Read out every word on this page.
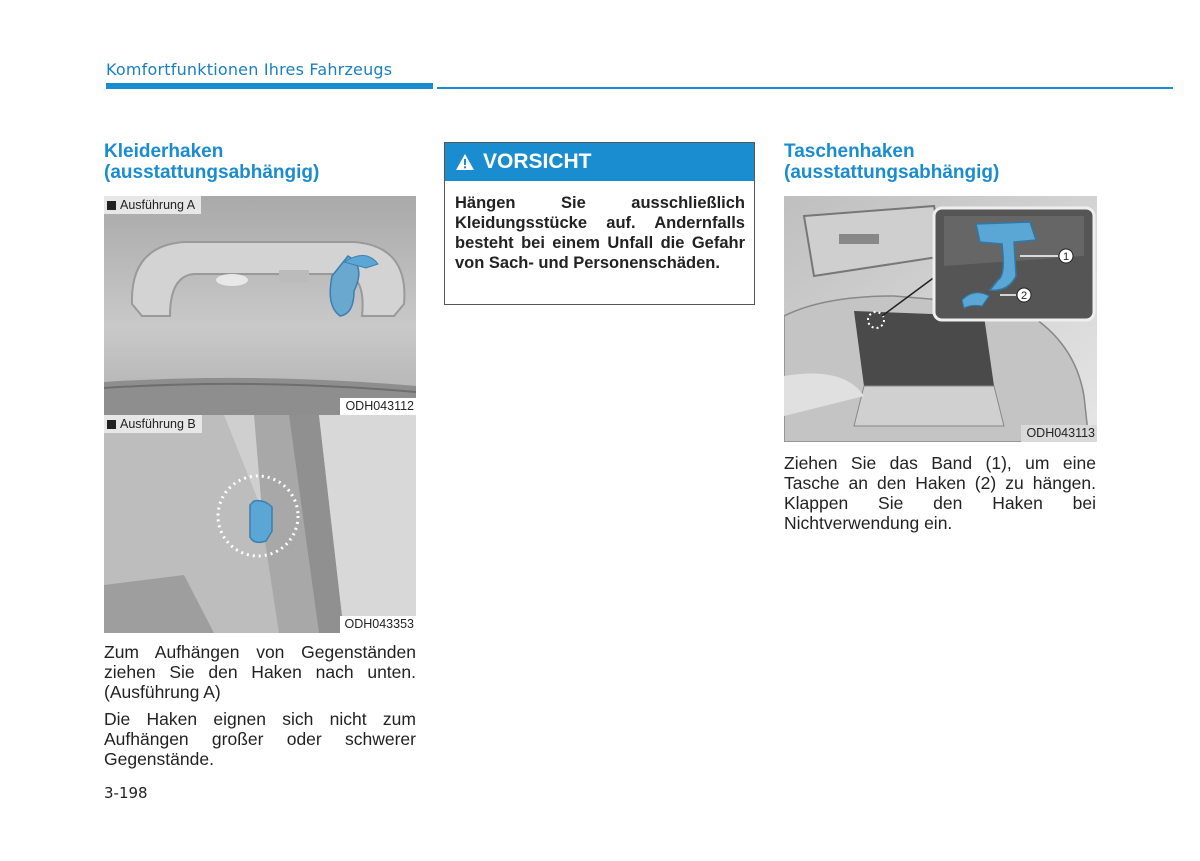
Komfortfunktionen Ihres Fahrzeugs
Kleiderhaken
(ausstattungsabhängig)
Ausführung A
ODH043112
Ausführung B
ODH043353
Zum Aufhängen von Gegenständen ziehen Sie den Haken nach unten. (Ausführung A)
Die Haken eignen sich nicht zum Aufhängen großer oder schwerer Gegenstände.
VORSICHT
Hängen Sie ausschließlich Kleidungsstücke auf. Andernfalls besteht bei einem Unfall die Gefahr von Sach- und Personenschäden.
Taschenhaken
(ausstattungsabhängig)
1
2
ODH043113
Ziehen Sie das Band (1), um eine Tasche an den Haken (2) zu hängen. Klappen Sie den Haken bei Nichtverwendung ein.
3-198
